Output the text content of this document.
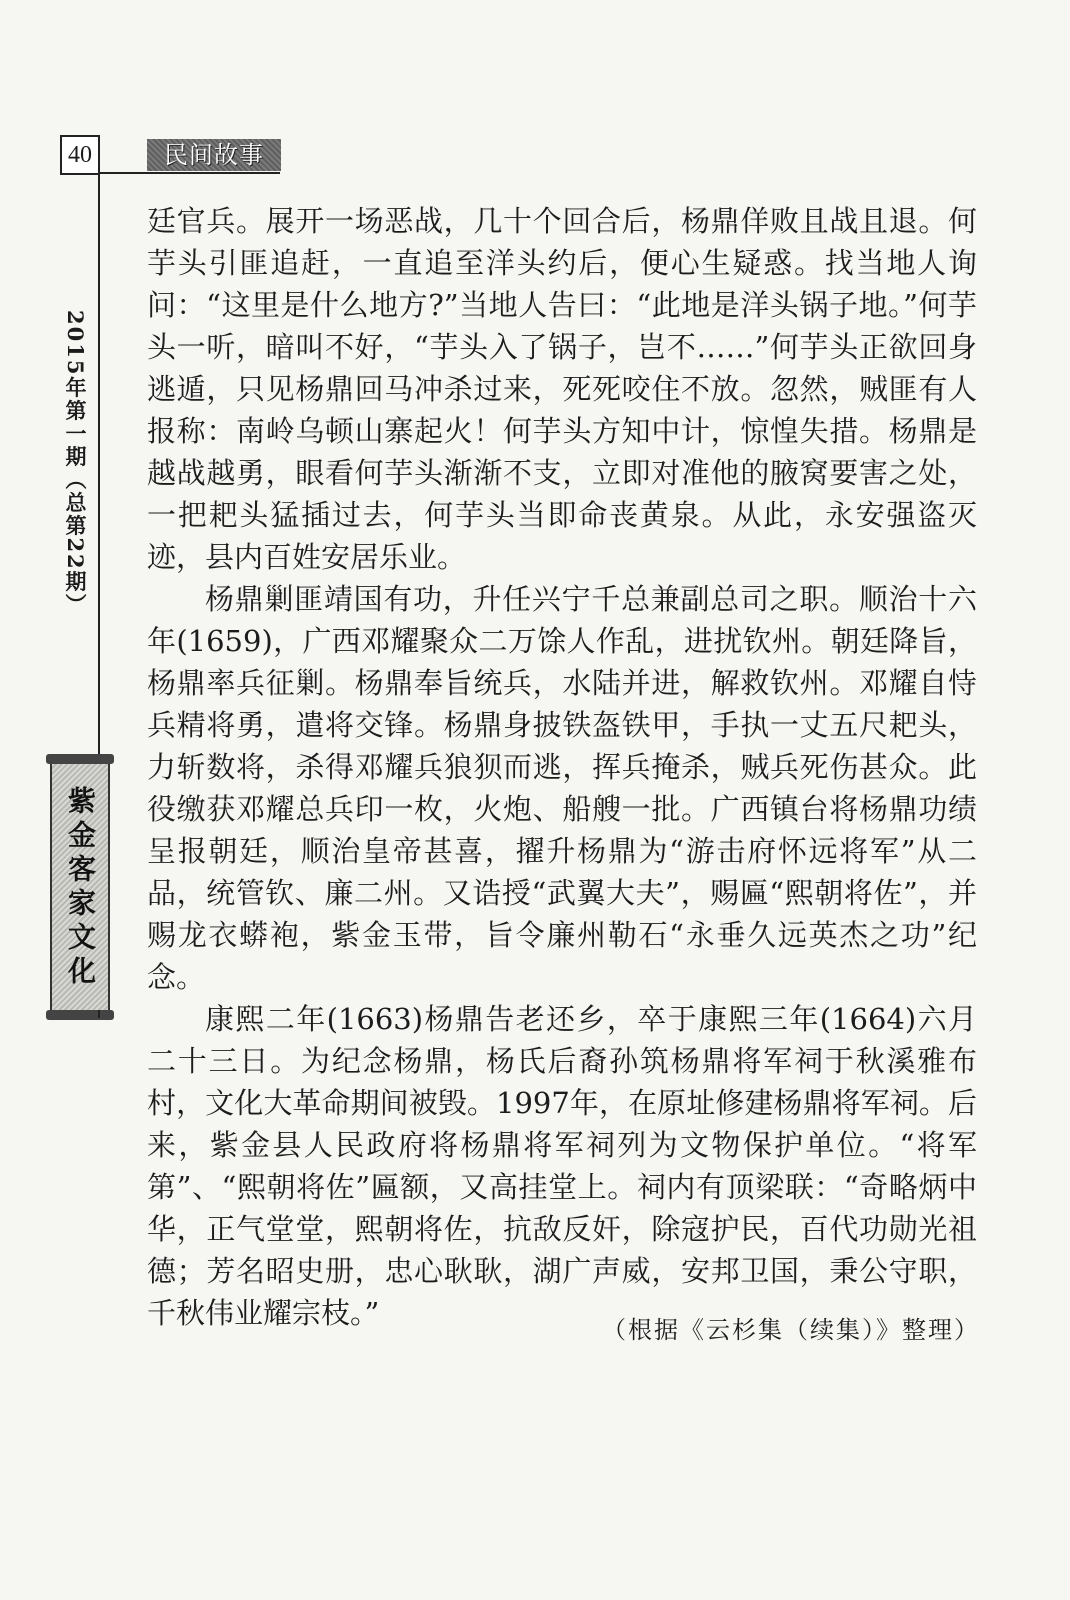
40	民间故事
2015年第一期（总第22期）
紫金客家文化

廷官兵。展开一场恶战，几十个回合后，杨鼎佯败且战且退。何芋头引匪追赶，一直追至洋头约后，便心生疑惑。找当地人询问：“这里是什么地方?”当地人告曰：“此地是洋头锅子地。”何芋头一听，暗叫不好，“芋头入了锅子，岂不……”何芋头正欲回身逃遁，只见杨鼎回马冲杀过来，死死咬住不放。忽然，贼匪有人报称：南岭乌顿山寨起火！何芋头方知中计，惊惶失措。杨鼎是越战越勇，眼看何芋头渐渐不支，立即对准他的腋窝要害之处，一把耙头猛插过去，何芋头当即命丧黄泉。从此，永安强盗灭迹，县内百姓安居乐业。

杨鼎剿匪靖国有功，升任兴宁千总兼副总司之职。顺治十六年(1659)，广西邓耀聚众二万馀人作乱，进扰钦州。朝廷降旨，杨鼎率兵征剿。杨鼎奉旨统兵，水陆并进，解救钦州。邓耀自恃兵精将勇，遣将交锋。杨鼎身披铁盔铁甲，手执一丈五尺耙头，力斩数将，杀得邓耀兵狼狈而逃，挥兵掩杀，贼兵死伤甚众。此役缴获邓耀总兵印一枚，火炮、船艘一批。广西镇台将杨鼎功绩呈报朝廷，顺治皇帝甚喜，擢升杨鼎为“游击府怀远将军”从二品，统管钦、廉二州。又诰授“武翼大夫”，赐匾“熙朝将佐”，并赐龙衣蟒袍，紫金玉带，旨令廉州勒石“永垂久远英杰之功”纪念。

康熙二年(1663)杨鼎告老还乡，卒于康熙三年(1664)六月二十三日。为纪念杨鼎，杨氏后裔孙筑杨鼎将军祠于秋溪雅布村，文化大革命期间被毁。1997年，在原址修建杨鼎将军祠。后来，紫金县人民政府将杨鼎将军祠列为文物保护单位。“将军第”、“熙朝将佐”匾额，又高挂堂上。祠内有顶梁联：“奇略炳中华，正气堂堂，熙朝将佐，抗敌反奸，除寇护民，百代功勋光祖德；芳名昭史册，忠心耿耿，湖广声威，安邦卫国，秉公守职，千秋伟业耀宗枝。”	（根据《云杉集（续集）》整理）
